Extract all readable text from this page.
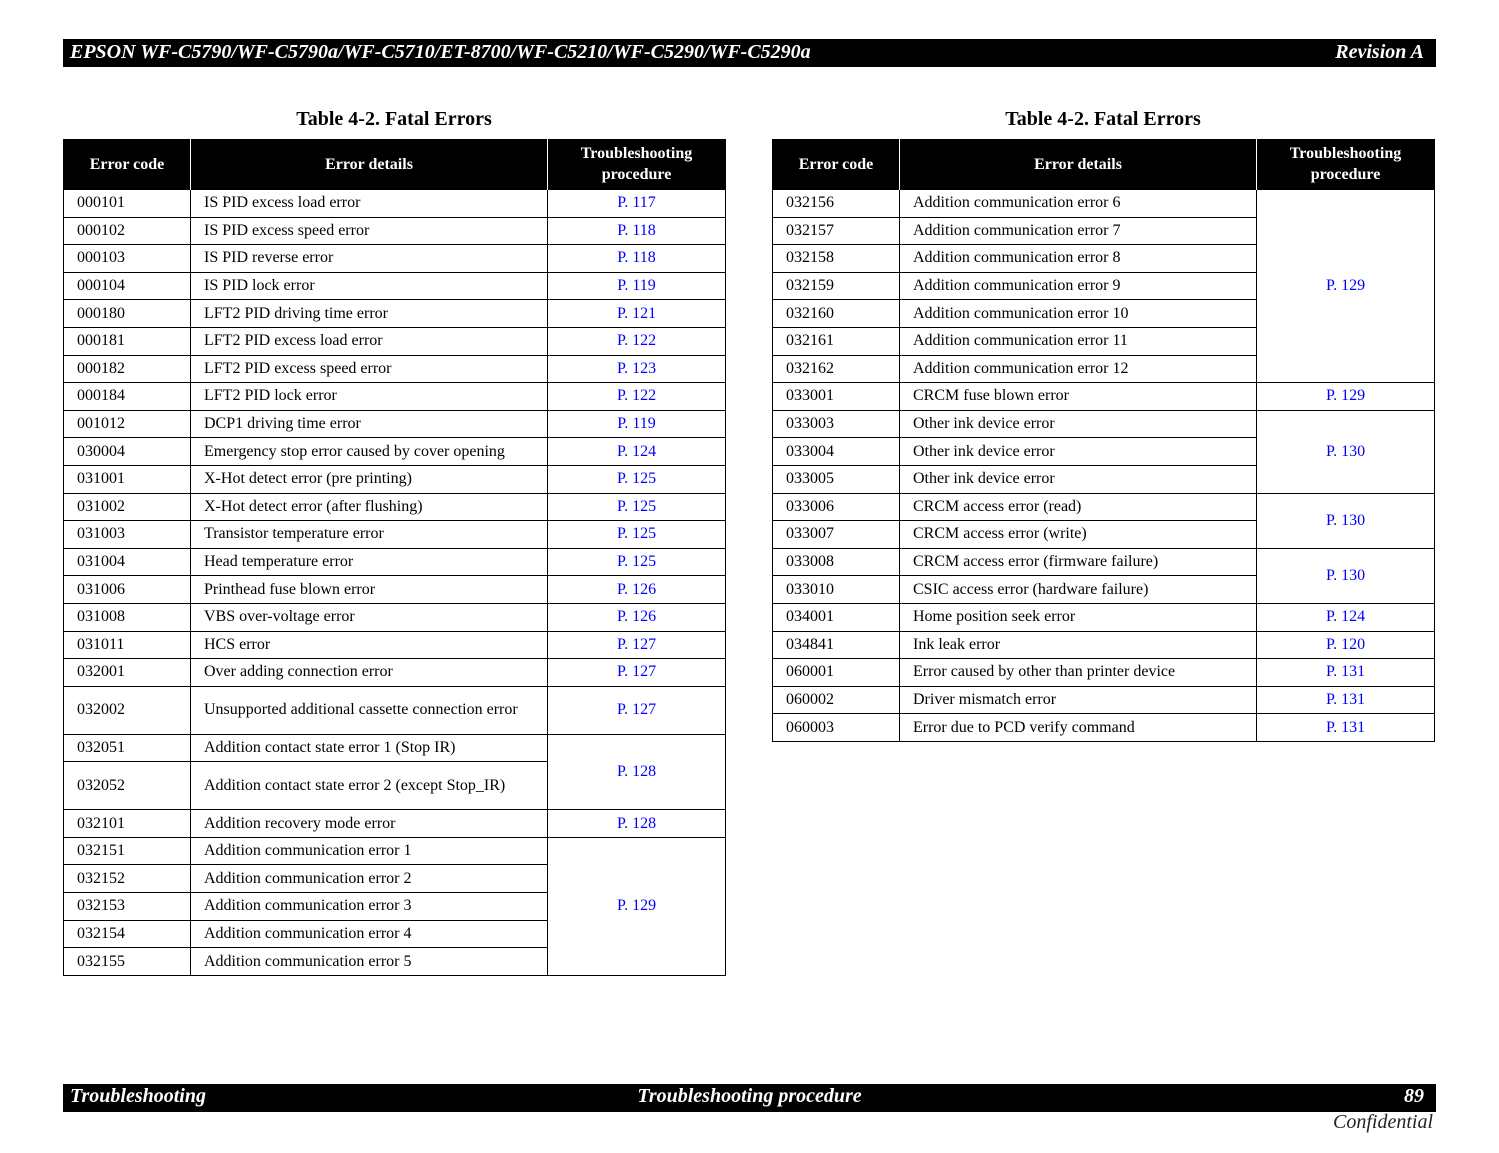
EPSON WF-C5790/WF-C5790a/WF-C5710/ET-8700/WF-C5210/WF-C5290/WF-C5290a	Revision A
Table 4-2. Fatal Errors
Error code	Error details	Troubleshooting procedure
000101	IS PID excess load error	P. 117
000102	IS PID excess speed error	P. 118
000103	IS PID reverse error	P. 118
000104	IS PID lock error	P. 119
000180	LFT2 PID driving time error	P. 121
000181	LFT2 PID excess load error	P. 122
000182	LFT2 PID excess speed error	P. 123
000184	LFT2 PID lock error	P. 122
001012	DCP1 driving time error	P. 119
030004	Emergency stop error caused by cover opening	P. 124
031001	X-Hot detect error (pre printing)	P. 125
031002	X-Hot detect error (after flushing)	P. 125
031003	Transistor temperature error	P. 125
031004	Head temperature error	P. 125
031006	Printhead fuse blown error	P. 126
031008	VBS over-voltage error	P. 126
031011	HCS error	P. 127
032001	Over adding connection error	P. 127
032002	Unsupported additional cassette connection error	P. 127
032051	Addition contact state error 1 (Stop IR)	P. 128
032052	Addition contact state error 2 (except Stop_IR)	
032101	Addition recovery mode error	P. 128
032151	Addition communication error 1	P. 129
032152	Addition communication error 2	
032153	Addition communication error 3	
032154	Addition communication error 4	
032155	Addition communication error 5	
Table 4-2. Fatal Errors
Error code	Error details	Troubleshooting procedure
032156	Addition communication error 6	P. 129
032157	Addition communication error 7	
032158	Addition communication error 8	
032159	Addition communication error 9	
032160	Addition communication error 10	
032161	Addition communication error 11	
032162	Addition communication error 12	
033001	CRCM fuse blown error	P. 129
033003	Other ink device error	P. 130
033004	Other ink device error	
033005	Other ink device error	
033006	CRCM access error (read)	P. 130
033007	CRCM access error (write)	
033008	CRCM access error (firmware failure)	P. 130
033010	CSIC access error (hardware failure)	
034001	Home position seek error	P. 124
034841	Ink leak error	P. 120
060001	Error caused by other than printer device	P. 131
060002	Driver mismatch error	P. 131
060003	Error due to PCD verify command	P. 131
Troubleshooting	Troubleshooting procedure	89
Confidential
